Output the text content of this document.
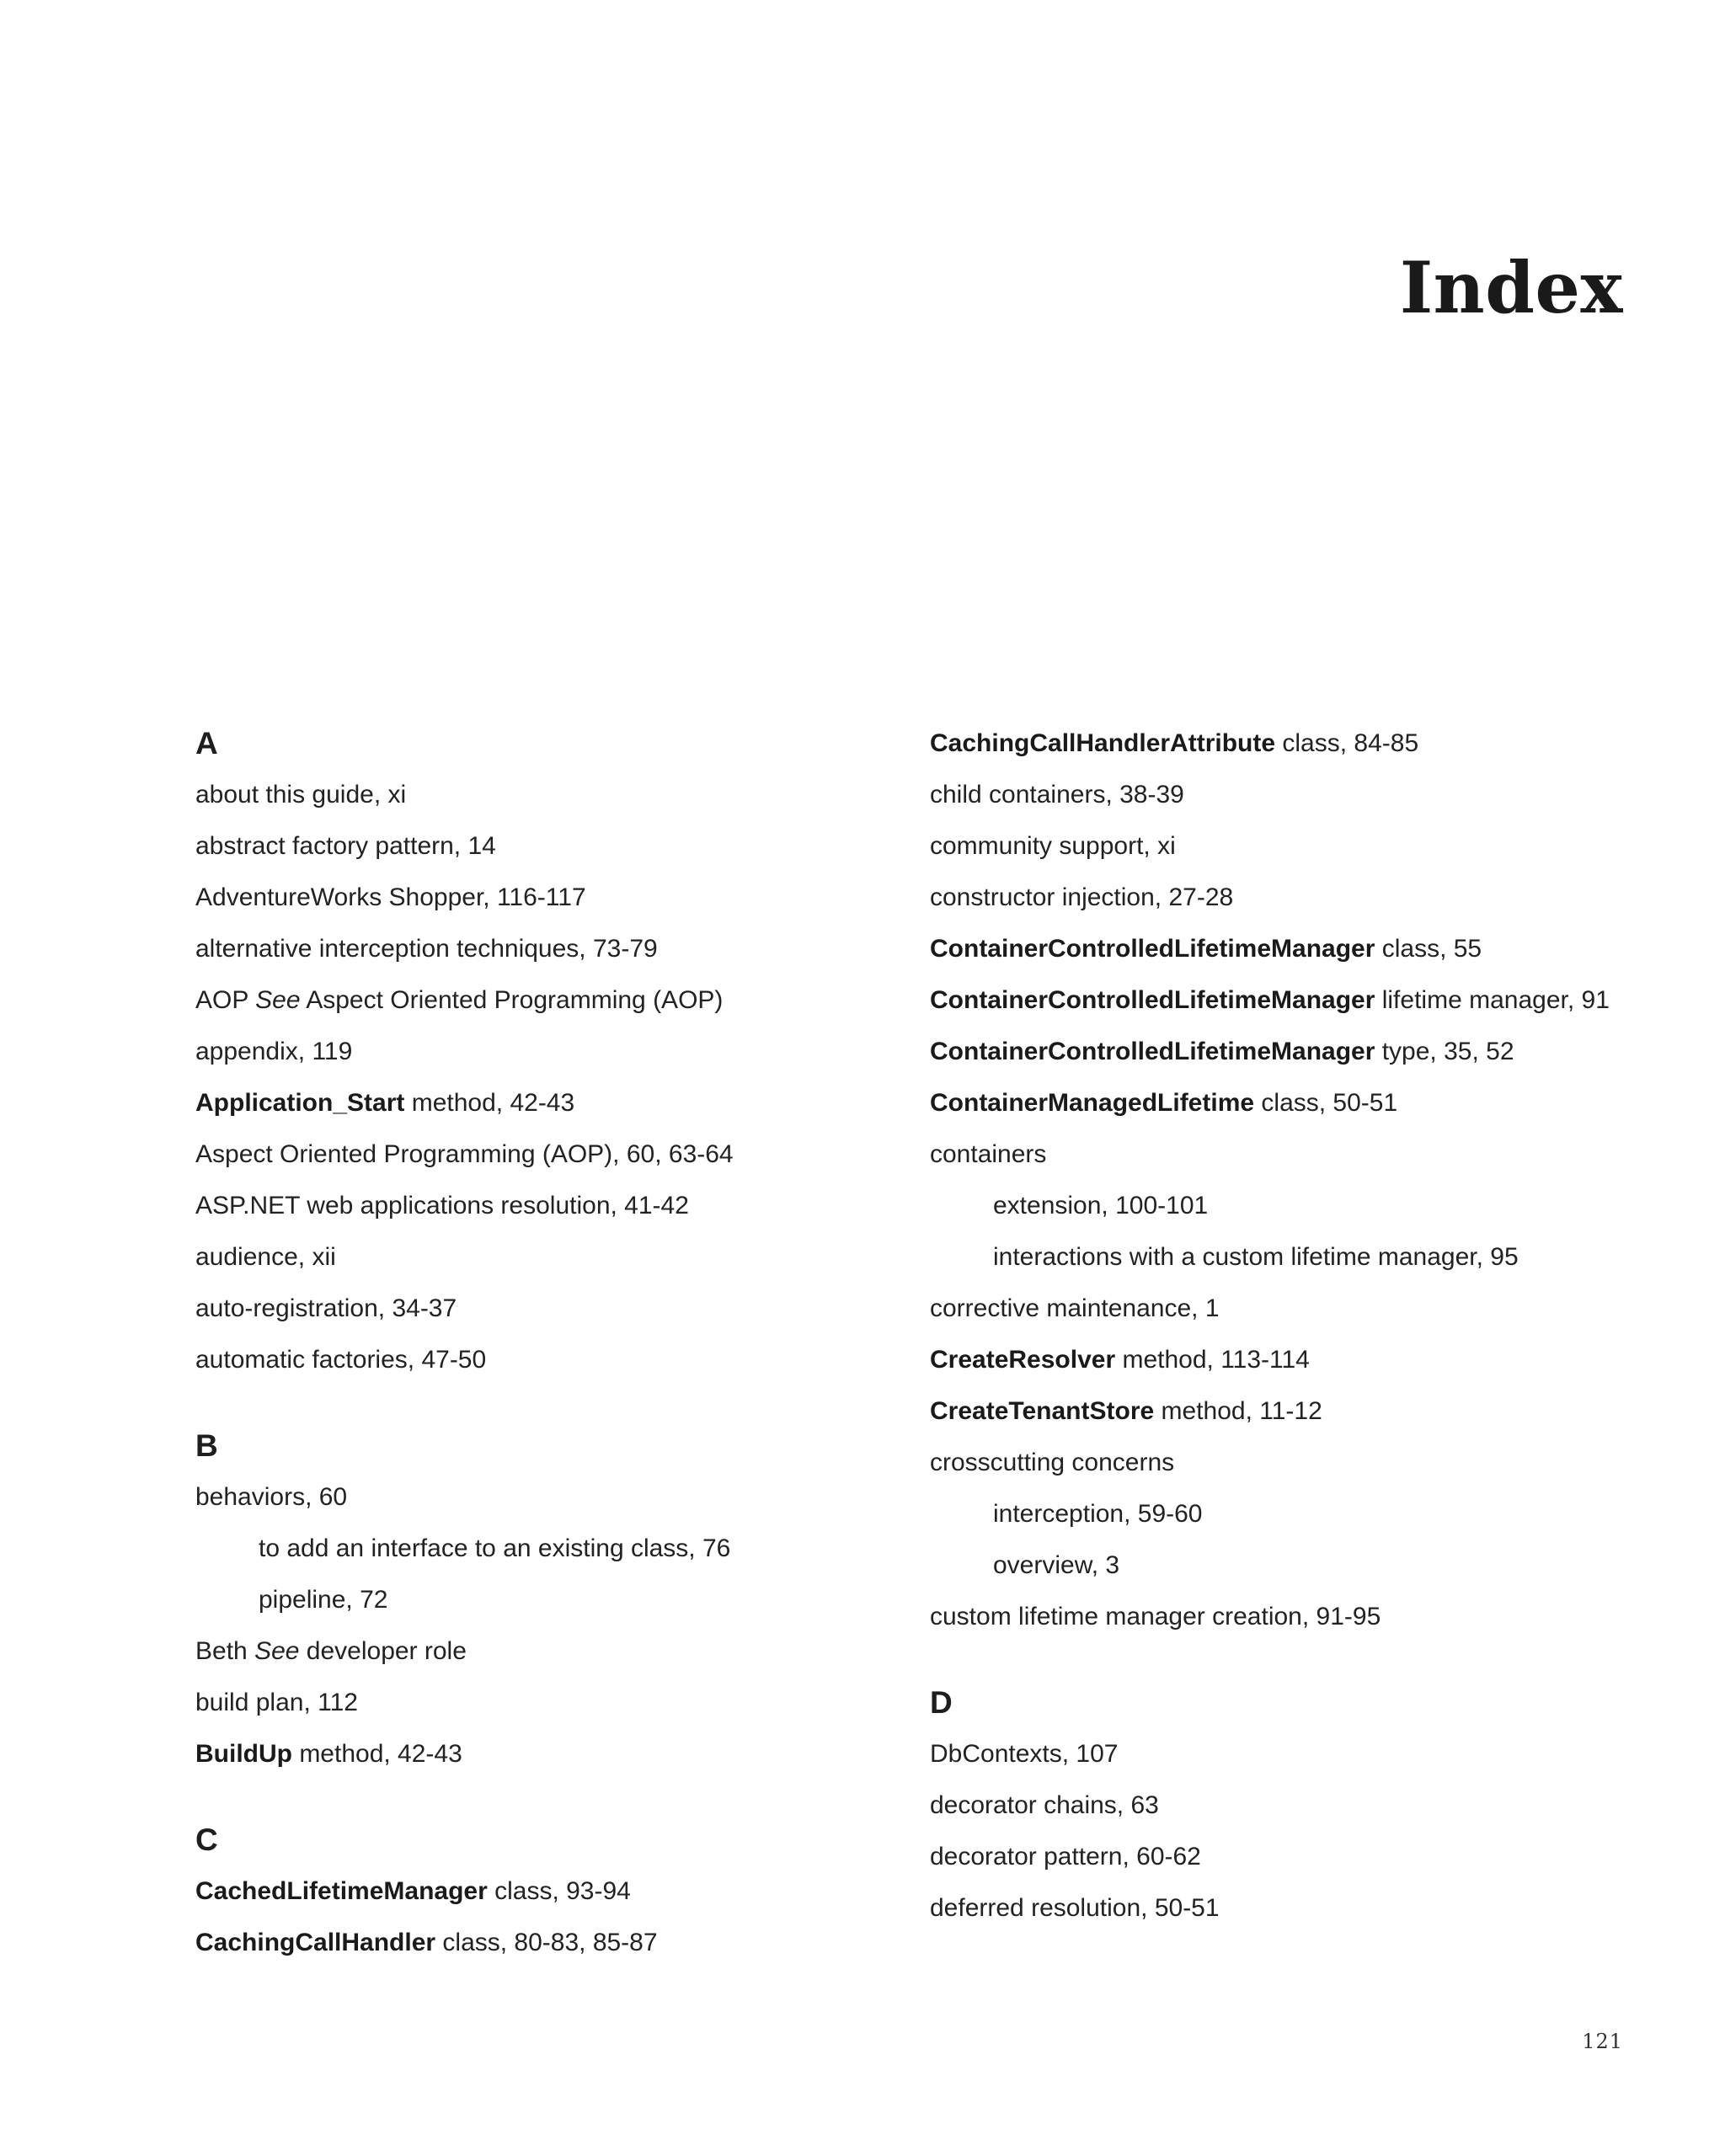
Index
A
about this guide, xi
abstract factory pattern, 14
AdventureWorks Shopper, 116-117
alternative interception techniques, 73-79
AOP See Aspect Oriented Programming (AOP)
appendix, 119
Application_Start method, 42-43
Aspect Oriented Programming (AOP), 60, 63-64
ASP.NET web applications resolution, 41-42
audience, xii
auto-registration, 34-37
automatic factories, 47-50
B
behaviors, 60
to add an interface to an existing class, 76
pipeline, 72
Beth See developer role
build plan, 112
BuildUp method, 42-43
C
CachedLifetimeManager class, 93-94
CachingCallHandler class, 80-83, 85-87
CachingCallHandlerAttribute class, 84-85
child containers, 38-39
community support, xi
constructor injection, 27-28
ContainerControlledLifetimeManager class, 55
ContainerControlledLifetimeManager lifetime manager, 91
ContainerControlledLifetimeManager type, 35, 52
ContainerManagedLifetime class, 50-51
containers
extension, 100-101
interactions with a custom lifetime manager, 95
corrective maintenance, 1
CreateResolver method, 113-114
CreateTenantStore method, 11-12
crosscutting concerns
interception, 59-60
overview, 3
custom lifetime manager creation, 91-95
D
DbContexts, 107
decorator chains, 63
decorator pattern, 60-62
deferred resolution, 50-51
121
